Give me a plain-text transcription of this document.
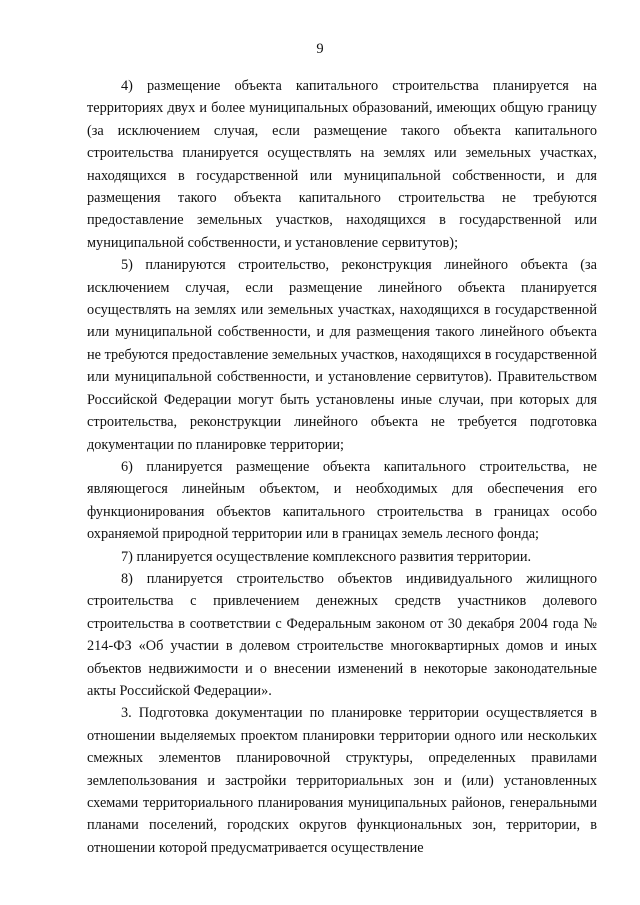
9

4) размещение объекта капитального строительства планируется на территориях двух и более муниципальных образований, имеющих общую границу (за исключением случая, если размещение такого объекта капитального строительства планируется осуществлять на землях или земельных участках, находящихся в государственной или муниципальной собственности, и для размещения такого объекта капитального строительства не требуются предоставление земельных участков, находящихся в государственной или муниципальной собственности, и установление сервитутов);

5) планируются строительство, реконструкция линейного объекта (за исключением случая, если размещение линейного объекта планируется осуществлять на землях или земельных участках, находящихся в государственной или муниципальной собственности, и для размещения такого линейного объекта не требуются предоставление земельных участков, находящихся в государственной или муниципальной собственности, и установление сервитутов). Правительством Российской Федерации могут быть установлены иные случаи, при которых для строительства, реконструкции линейного объекта не требуется подготовка документации по планировке территории;

6) планируется размещение объекта капитального строительства, не являющегося линейным объектом, и необходимых для обеспечения его функционирования объектов капитального строительства в границах особо охраняемой природной территории или в границах земель лесного фонда;

7) планируется осуществление комплексного развития территории.

8) планируется строительство объектов индивидуального жилищного строительства с привлечением денежных средств участников долевого строительства в соответствии с Федеральным законом от 30 декабря 2004 года № 214-ФЗ «Об участии в долевом строительстве многоквартирных домов и иных объектов недвижимости и о внесении изменений в некоторые законодательные акты Российской Федерации».

3. Подготовка документации по планировке территории осуществляется в отношении выделяемых проектом планировки территории одного или нескольких смежных элементов планировочной структуры, определенных правилами землепользования и застройки территориальных зон и (или) установленных схемами территориального планирования муниципальных районов, генеральными планами поселений, городских округов функциональных зон, территории, в отношении которой предусматривается осуществление
